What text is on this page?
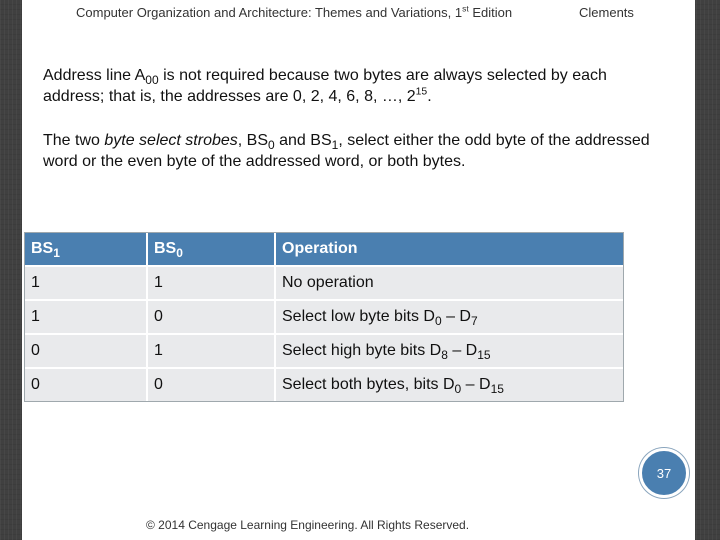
Computer Organization and Architecture: Themes and Variations, 1st Edition	Clements
Address line $A_{00}$ is not required because two bytes are always selected by each address; that is, the addresses are 0, 2, 4, 6, 8, …, $2^{15}$.
The two byte select strobes, $BS_0$ and $BS_1$, select either the odd byte of the addressed word or the even byte of the addressed word, or both bytes.
$BS_1$	$BS_0$	Operation
1	1	No operation
1	0	Select low byte bits $D_0 - D_7$
0	1	Select high byte bits $D_8 - D_{15}$
0	0	Select both bytes, bits $D_0 - D_{15}$
37
© 2014 Cengage Learning Engineering. All Rights Reserved.
